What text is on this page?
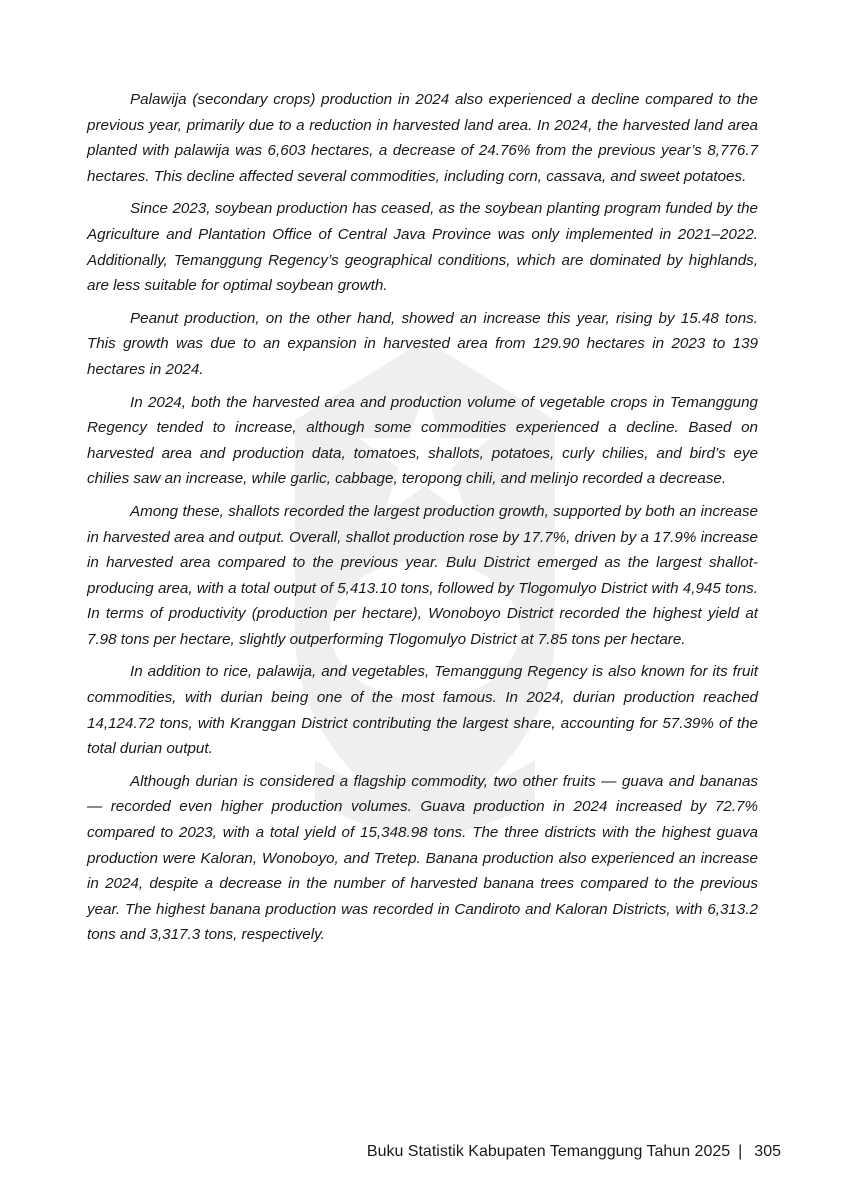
Palawija (secondary crops) production in 2024 also experienced a decline compared to the previous year, primarily due to a reduction in harvested land area. In 2024, the harvested land area planted with palawija was 6,603 hectares, a decrease of 24.76% from the previous year’s 8,776.7 hectares. This decline affected several commodities, including corn, cassava, and sweet potatoes.

Since 2023, soybean production has ceased, as the soybean planting program funded by the Agriculture and Plantation Office of Central Java Province was only implemented in 2021–2022. Additionally, Temanggung Regency’s geographical conditions, which are dominated by highlands, are less suitable for optimal soybean growth.

Peanut production, on the other hand, showed an increase this year, rising by 15.48 tons. This growth was due to an expansion in harvested area from 129.90 hectares in 2023 to 139 hectares in 2024.

In 2024, both the harvested area and production volume of vegetable crops in Temanggung Regency tended to increase, although some commodities experienced a decline. Based on harvested area and production data, tomatoes, shallots, potatoes, curly chilies, and bird’s eye chilies saw an increase, while garlic, cabbage, teropong chili, and melinjo recorded a decrease.

Among these, shallots recorded the largest production growth, supported by both an increase in harvested area and output. Overall, shallot production rose by 17.7%, driven by a 17.9% increase in harvested area compared to the previous year. Bulu District emerged as the largest shallot-producing area, with a total output of 5,413.10 tons, followed by Tlogomulyo District with 4,945 tons. In terms of productivity (production per hectare), Wonoboyo District recorded the highest yield at 7.98 tons per hectare, slightly outperforming Tlogomulyo District at 7.85 tons per hectare.

In addition to rice, palawija, and vegetables, Temanggung Regency is also known for its fruit commodities, with durian being one of the most famous. In 2024, durian production reached 14,124.72 tons, with Kranggan District contributing the largest share, accounting for 57.39% of the total durian output.

Although durian is considered a flagship commodity, two other fruits — guava and bananas — recorded even higher production volumes. Guava production in 2024 increased by 72.7% compared to 2023, with a total yield of 15,348.98 tons. The three districts with the highest guava production were Kaloran, Wonoboyo, and Tretep. Banana production also experienced an increase in 2024, despite a decrease in the number of harvested banana trees compared to the previous year. The highest banana production was recorded in Candiroto and Kaloran Districts, with 6,313.2 tons and 3,317.3 tons, respectively.

Buku Statistik Kabupaten Temanggung Tahun 2025 | 305
